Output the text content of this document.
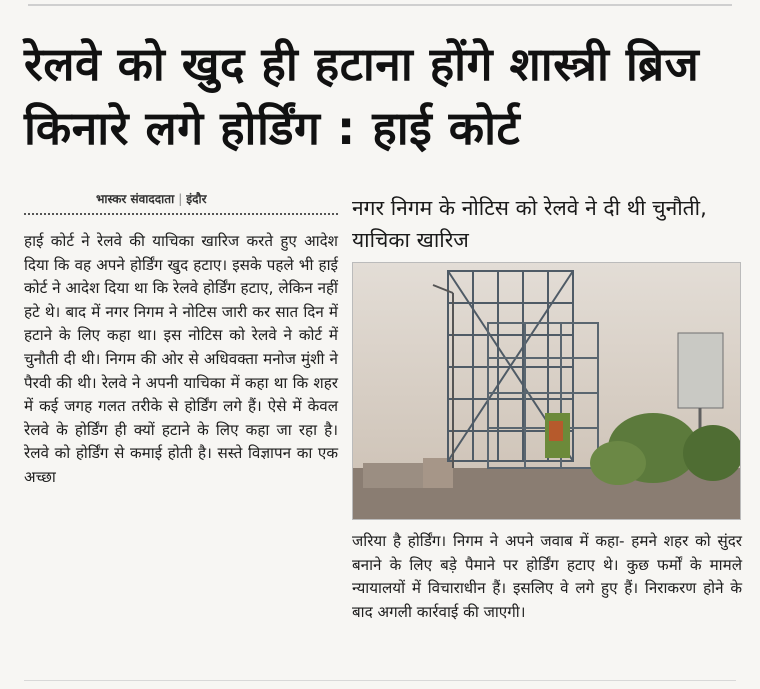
रेलवे को खुद ही हटाना होंगे शास्त्री ब्रिज किनारे लगे होर्डिंग : हाई कोर्ट
भास्कर संवाददाता | इंदौर	नगर निगम के नोटिस को रेलवे ने दी थी चुनौती, याचिका खारिज
हाई कोर्ट ने रेलवे की याचिका खारिज करते हुए आदेश दिया कि वह अपने होर्डिंग खुद हटाए। इसके पहले भी हाई कोर्ट ने आदेश दिया था कि रेलवे होर्डिंग हटाए, लेकिन नहीं हटे थे। बाद में नगर निगम ने नोटिस जारी कर सात दिन में हटाने के लिए कहा था। इस नोटिस को रेलवे ने कोर्ट में चुनौती दी थी। निगम की ओर से अधिवक्ता मनोज मुंशी ने पैरवी की थी। रेलवे ने अपनी याचिका में कहा था कि शहर में कई जगह गलत तरीके से होर्डिंग लगे हैं। ऐसे में केवल रेलवे के होर्डिंग ही क्यों हटाने के लिए कहा जा रहा है। रेलवे को होर्डिंग से कमाई होती है। सस्ते विज्ञापन का एक अच्छा
जरिया है होर्डिंग। निगम ने अपने जवाब में कहा- हमने शहर को सुंदर बनाने के लिए बड़े पैमाने पर होर्डिंग हटाए थे। कुछ फर्मों के मामले न्यायालयों में विचाराधीन हैं। इसलिए वे लगे हुए हैं। निराकरण होने के बाद अगली कार्रवाई की जाएगी।
